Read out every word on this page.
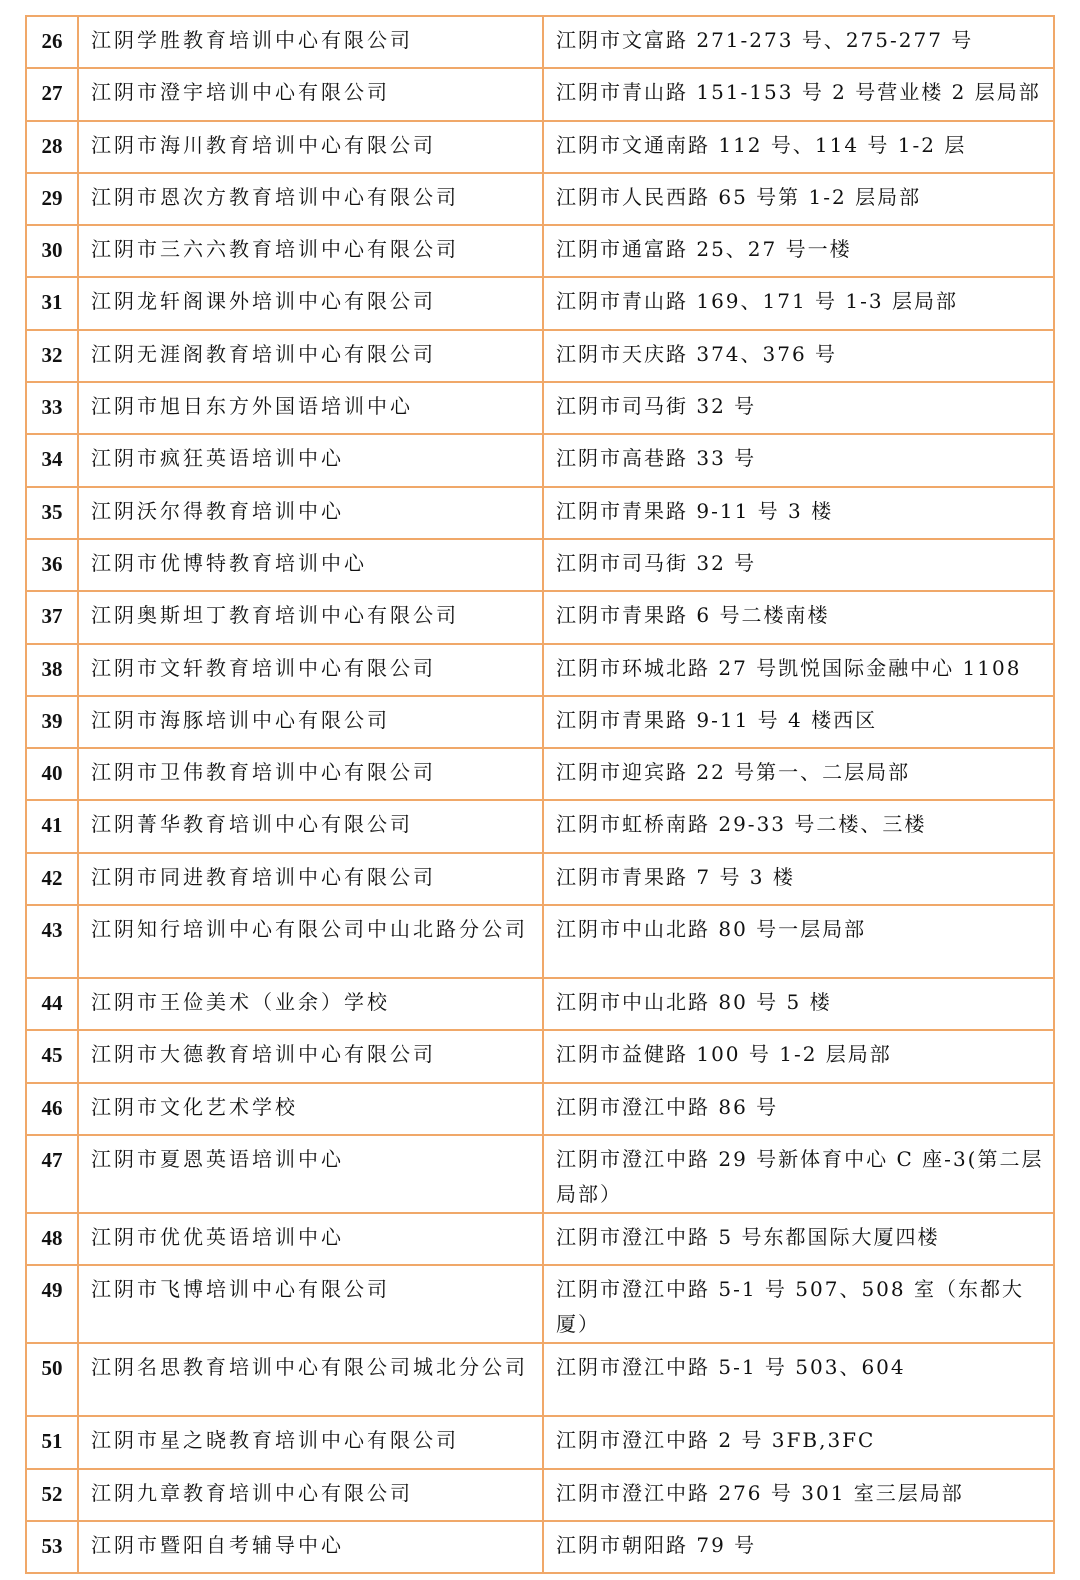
26	江阴学胜教育培训中心有限公司	江阴市文富路 271-273 号、275-277 号
27	江阴市澄宇培训中心有限公司	江阴市青山路 151-153 号 2 号营业楼 2 层局部
28	江阴市海川教育培训中心有限公司	江阴市文通南路 112 号、114 号 1-2 层
29	江阴市恩次方教育培训中心有限公司	江阴市人民西路 65 号第 1-2 层局部
30	江阴市三六六教育培训中心有限公司	江阴市通富路 25、27 号一楼
31	江阴龙轩阁课外培训中心有限公司	江阴市青山路 169、171 号 1-3 层局部
32	江阴无涯阁教育培训中心有限公司	江阴市天庆路 374、376 号
33	江阴市旭日东方外国语培训中心	江阴市司马街 32 号
34	江阴市疯狂英语培训中心	江阴市高巷路 33 号
35	江阴沃尔得教育培训中心	江阴市青果路 9-11 号 3 楼
36	江阴市优博特教育培训中心	江阴市司马街 32 号
37	江阴奥斯坦丁教育培训中心有限公司	江阴市青果路 6 号二楼南楼
38	江阴市文轩教育培训中心有限公司	江阴市环城北路 27 号凯悦国际金融中心 1108
39	江阴市海豚培训中心有限公司	江阴市青果路 9-11 号 4 楼西区
40	江阴市卫伟教育培训中心有限公司	江阴市迎宾路 22 号第一、二层局部
41	江阴菁华教育培训中心有限公司	江阴市虹桥南路 29-33 号二楼、三楼
42	江阴市同进教育培训中心有限公司	江阴市青果路 7 号 3 楼
43	江阴知行培训中心有限公司中山北路分公司	江阴市中山北路 80 号一层局部
44	江阴市王俭美术（业余）学校	江阴市中山北路 80 号 5 楼
45	江阴市大德教育培训中心有限公司	江阴市益健路 100 号 1-2 层局部
46	江阴市文化艺术学校	江阴市澄江中路 86 号
47	江阴市夏恩英语培训中心	江阴市澄江中路 29 号新体育中心 C 座-3(第二层局部）
48	江阴市优优英语培训中心	江阴市澄江中路 5 号东都国际大厦四楼
49	江阴市飞博培训中心有限公司	江阴市澄江中路 5-1 号 507、508 室（东都大厦）
50	江阴名思教育培训中心有限公司城北分公司	江阴市澄江中路 5-1 号 503、604
51	江阴市星之晓教育培训中心有限公司	江阴市澄江中路 2 号 3FB,3FC
52	江阴九章教育培训中心有限公司	江阴市澄江中路 276 号 301 室三层局部
53	江阴市暨阳自考辅导中心	江阴市朝阳路 79 号
